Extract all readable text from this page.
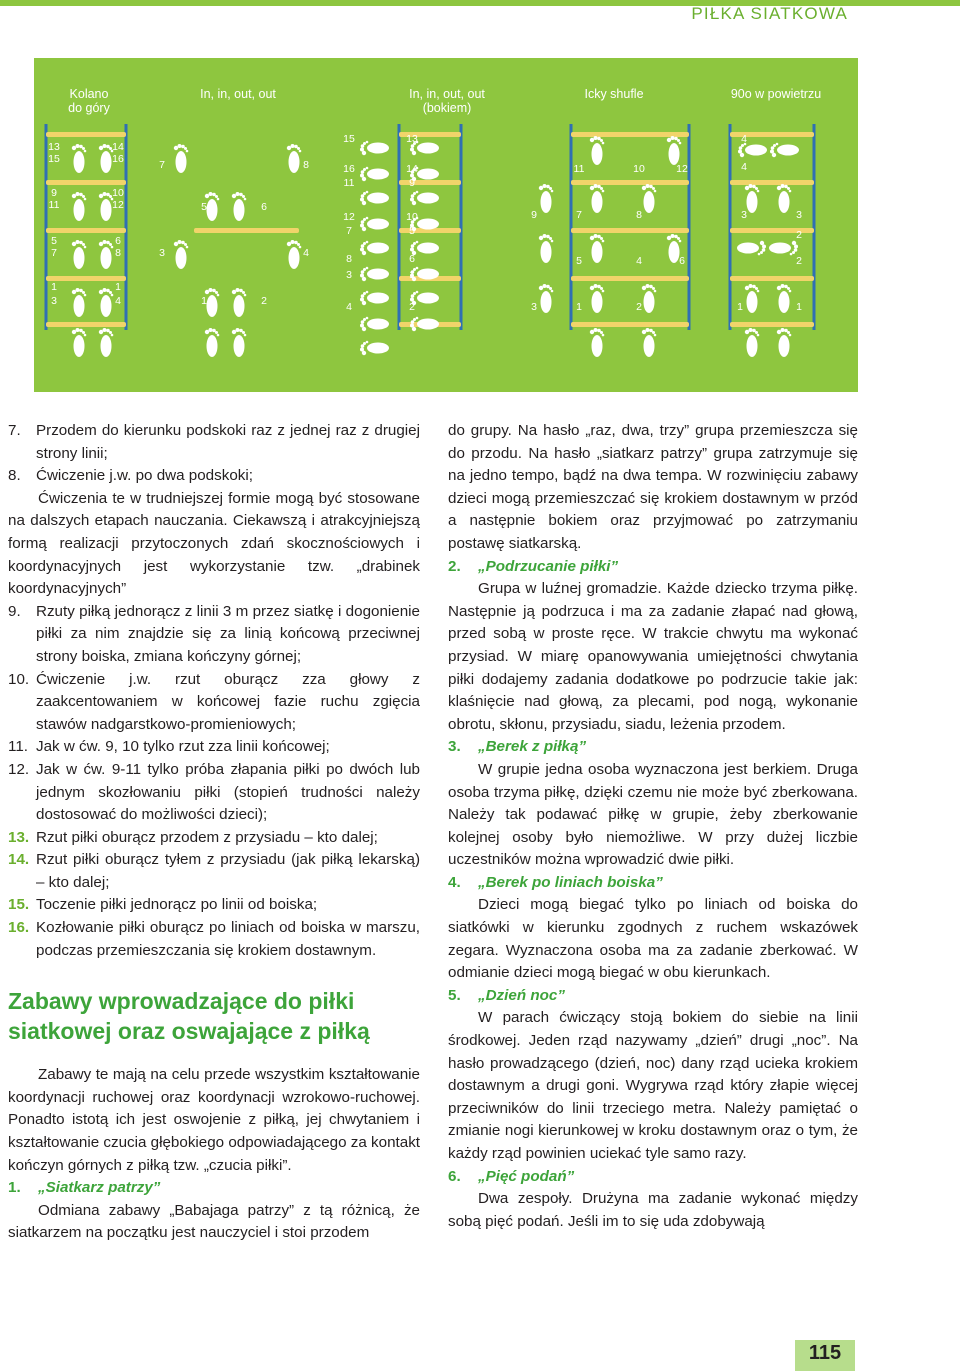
PIŁKA SIATKOWA
Kolano
do góry
In, in, out, out	In, in, out, out
(bokiem)
Icky shufle	90o w powietrzu
13
15
9
11
5
7
1
3
14
16
10
12
6
8
1
4
7
5
3
1
8
6
4
2
15
16
11
12
7
8
3
4
13
14
9
10
5
6
1
2
11	10	12
9	7	8
5	4	6
3	1	2
4
4
3	3
2
2
1	1
7.	Przodem do kierunku podskoki raz z jednej raz z drugiej strony linii;
8.	Ćwiczenie j.w. po dwa podskoki;
Ćwiczenia te w trudniejszej formie mogą być stosowane na dalszych etapach nauczania. Ciekawszą i atrakcyjniejszą formą realizacji przytoczonych zdań skocznościowych i koordynacyjnych jest wykorzystanie tzw. „drabinek koordynacyjnych”
9.	Rzuty piłką jednorącz z linii 3 m przez siatkę i dogonienie piłki za nim znajdzie się za linią końcową przeciwnej strony boiska, zmiana kończyny górnej;
10. Ćwiczenie j.w. rzut oburącz zza głowy z zaakcentowaniem w końcowej fazie ruchu zgięcia stawów nadgarstkowo-promieniowych;
11. Jak w ćw. 9, 10 tylko rzut zza linii końcowej;
12. Jak w ćw. 9-11 tylko próba złapania piłki po dwóch lub jednym skozłowaniu piłki (stopień trudności należy dostosować do możliwości dzieci);
13. Rzut piłki oburącz przodem z przysiadu – kto dalej;
14. Rzut piłki oburącz tyłem z przysiadu (jak piłką lekarską) – kto dalej;
15. Toczenie piłki jednorącz po linii od boiska;
16. Kozłowanie piłki oburącz po liniach od boiska w marszu, podczas przemieszczania się krokiem dostawnym.
Zabawy wprowadzające do piłki siatkowej oraz oswajające z piłką
Zabawy te mają na celu przede wszystkim kształtowanie koordynacji ruchowej oraz koordynacji wzrokowo-ruchowej. Ponadto istotą ich jest oswojenie z piłką, jej chwytaniem i kształtowanie czucia głębokiego odpowiadającego za kontakt kończyn górnych z piłką tzw. „czucia piłki”.
1.	„Siatkarz patrzy”
Odmiana zabawy „Babajaga patrzy” z tą różnicą, że siatkarzem na początku jest nauczyciel i stoi przodem
do grupy. Na hasło „raz, dwa, trzy” grupa przemieszcza się do przodu. Na hasło „siatkarz patrzy” grupa zatrzymuje się na jedno tempo, bądź na dwa tempa. W rozwinięciu zabawy dzieci mogą przemieszczać się krokiem dostawnym w przód a następnie bokiem oraz przyjmować po zatrzymaniu postawę siatkarską.
2.	„Podrzucanie piłki”
Grupa w luźnej gromadzie. Każde dziecko trzyma piłkę. Następnie ją podrzuca i ma za zadanie złapać nad głową, przed sobą w proste ręce. W trakcie chwytu ma wykonać przysiad. W miarę opanowywania umiejętności chwytania piłki dodajemy zadania dodatkowe po podrzucie takie jak: klaśnięcie nad głową, za plecami, pod nogą, wykonanie obrotu, skłonu, przysiadu, siadu, leżenia przodem.
3.	„Berek z piłką”
W grupie jedna osoba wyznaczona jest berkiem. Druga osoba trzyma piłkę, dzięki czemu nie może być zberkowana. Należy tak podawać piłkę w grupie, żeby zberkowanie kolejnej osoby było niemożliwe. W przy dużej liczbie uczestników można wprowadzić dwie piłki.
4.	„Berek po liniach boiska”
Dzieci mogą biegać tylko po liniach od boiska do siatkówki w kierunku zgodnych z ruchem wskazówek zegara. Wyznaczona osoba ma za zadanie zberkować. W odmianie dzieci mogą biegać w obu kierunkach.
5.	„Dzień noc”
W parach ćwiczący stoją bokiem do siebie na linii środkowej. Jeden rząd nazywamy „dzień” drugi „noc”. Na hasło prowadzącego (dzień, noc) dany rząd ucieka krokiem dostawnym a drugi goni. Wygrywa rząd który złapie więcej przeciwników do linii trzeciego metra. Należy pamiętać o zmianie nogi kierunkowej w kroku dostawnym oraz o tym, że każdy rząd powinien uciekać tyle samo razy.
6.	„Pięć podań”
Dwa zespoły. Drużyna ma zadanie wykonać między sobą pięć podań. Jeśli im to się uda zdobywają
115
